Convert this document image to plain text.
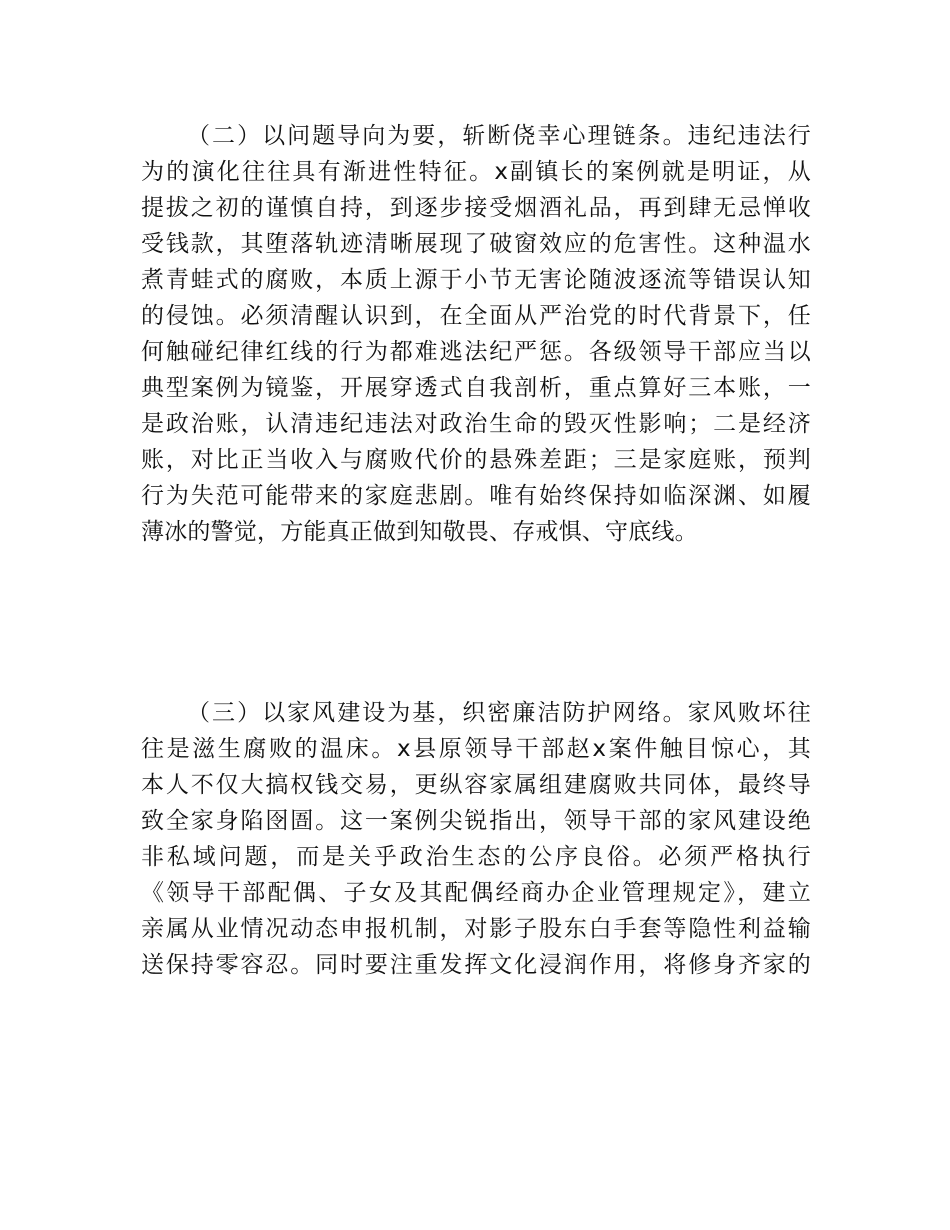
（二）以问题导向为要，斩断侥幸心理链条。违纪违法行
为的演化往往具有渐进性特征。x副镇长的案例就是明证，从
提拔之初的谨慎自持，到逐步接受烟酒礼品，再到肆无忌惮收
受钱款，其堕落轨迹清晰展现了破窗效应的危害性。这种温水
煮青蛙式的腐败，本质上源于小节无害论随波逐流等错误认知
的侵蚀。必须清醒认识到，在全面从严治党的时代背景下，任
何触碰纪律红线的行为都难逃法纪严惩。各级领导干部应当以
典型案例为镜鉴，开展穿透式自我剖析，重点算好三本账，一
是政治账，认清违纪违法对政治生命的毁灭性影响；二是经济
账，对比正当收入与腐败代价的悬殊差距；三是家庭账，预判
行为失范可能带来的家庭悲剧。唯有始终保持如临深渊、如履
薄冰的警觉，方能真正做到知敬畏、存戒惧、守底线。
（三）以家风建设为基，织密廉洁防护网络。家风败坏往
往是滋生腐败的温床。x县原领导干部赵x案件触目惊心，其
本人不仅大搞权钱交易，更纵容家属组建腐败共同体，最终导
致全家身陷囹圄。这一案例尖锐指出，领导干部的家风建设绝
非私域问题，而是关乎政治生态的公序良俗。必须严格执行
《领导干部配偶、子女及其配偶经商办企业管理规定》，建立
亲属从业情况动态申报机制，对影子股东白手套等隐性利益输
送保持零容忍。同时要注重发挥文化浸润作用，将修身齐家的
